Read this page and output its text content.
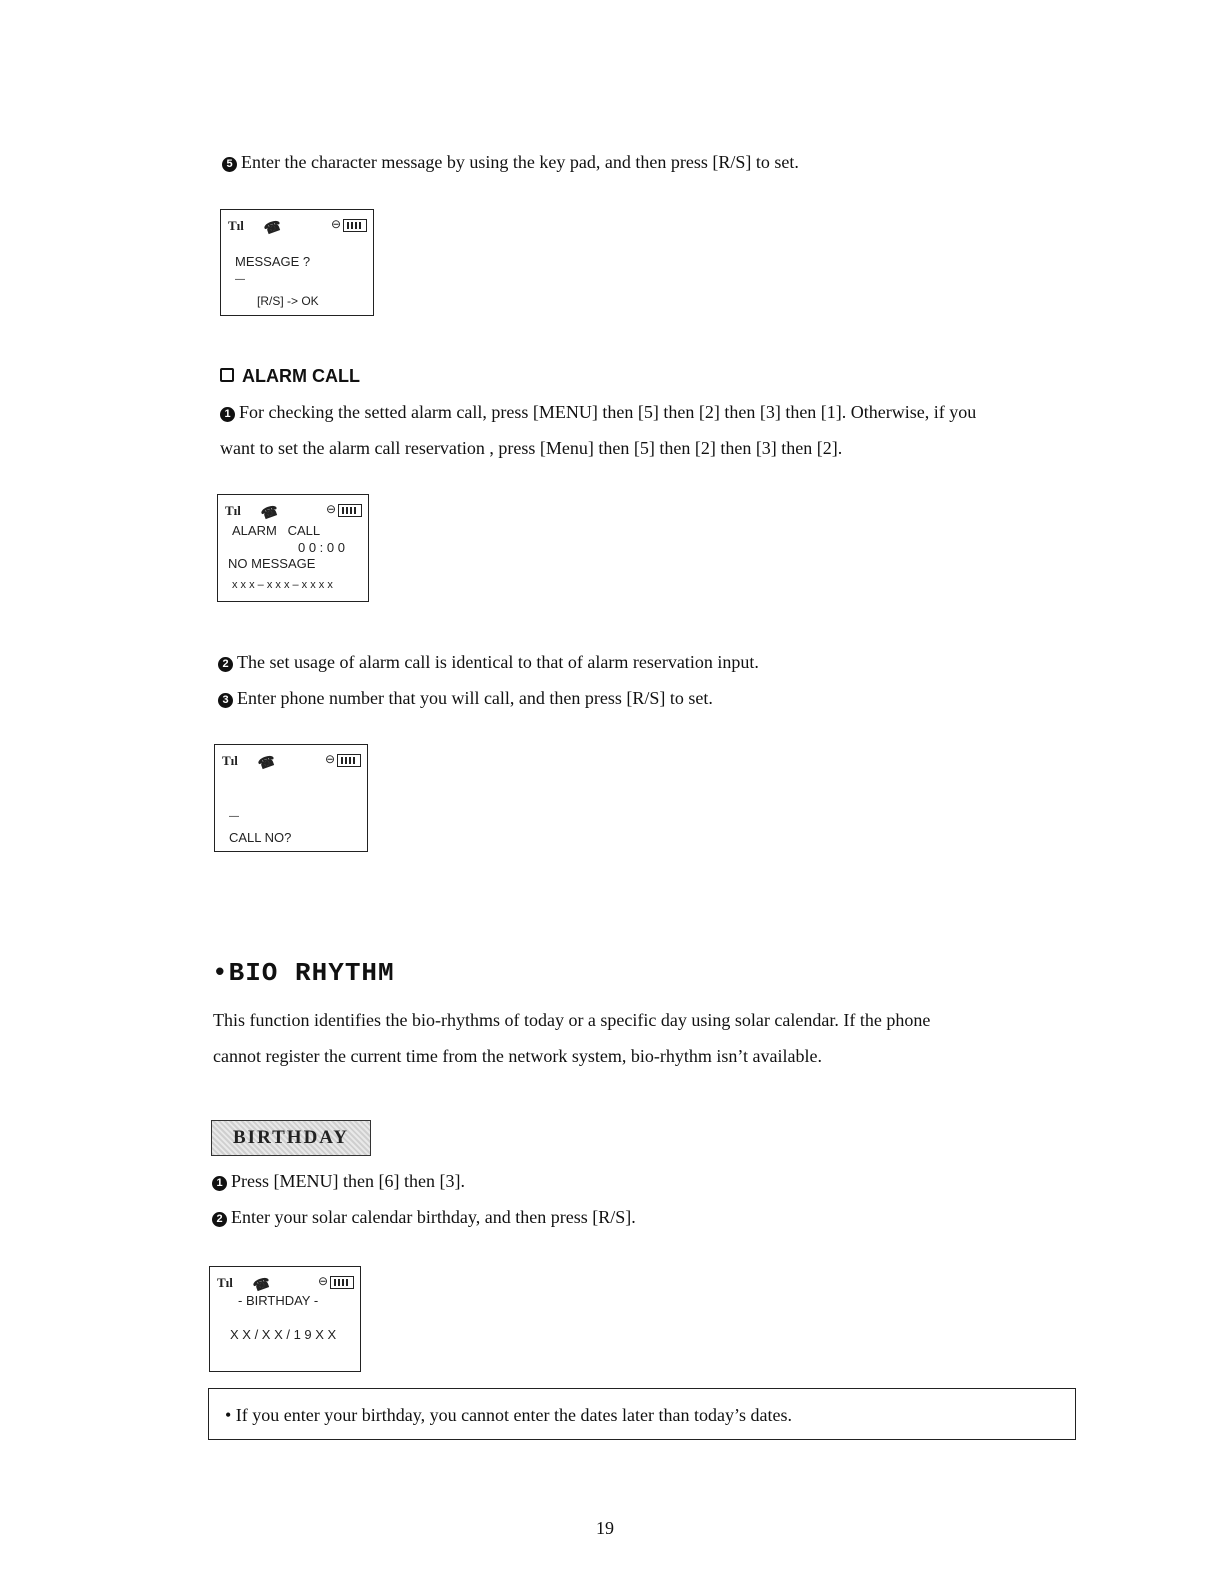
5 Enter the character message by using the key pad, and then press [R/S] to set.
Tıl ☎	⊖
MESSAGE ?
—
[R/S] -> OK
ALARM CALL
1 For checking the setted alarm call, press [MENU] then [5] then [2] then [3] then [1]. Otherwise, if you
want to set the alarm call reservation , press [Menu] then [5] then [2] then [3] then [2].
Tıl ☎	⊖
ALARM   CALL
0 0 : 0 0
NO MESSAGE
x x x – x x x – x x x x
2 The set usage of alarm call is identical to that of alarm reservation input.
3 Enter phone number that you will call, and then press [R/S] to set.
Tıl ☎	⊖
—
CALL NO?
•BIO RHYTHM
This function identifies the bio-rhythms of today or a specific day using solar calendar. If the phone
cannot register the current time from the network system, bio-rhythm isn’t available.
BIRTHDAY
1 Press [MENU] then [6] then [3].
2 Enter your solar calendar birthday, and then press [R/S].
Tıl ☎	⊖
- BIRTHDAY -
X X / X X / 1 9 X X
• If you enter your birthday, you cannot enter the dates later than today’s dates.
19
